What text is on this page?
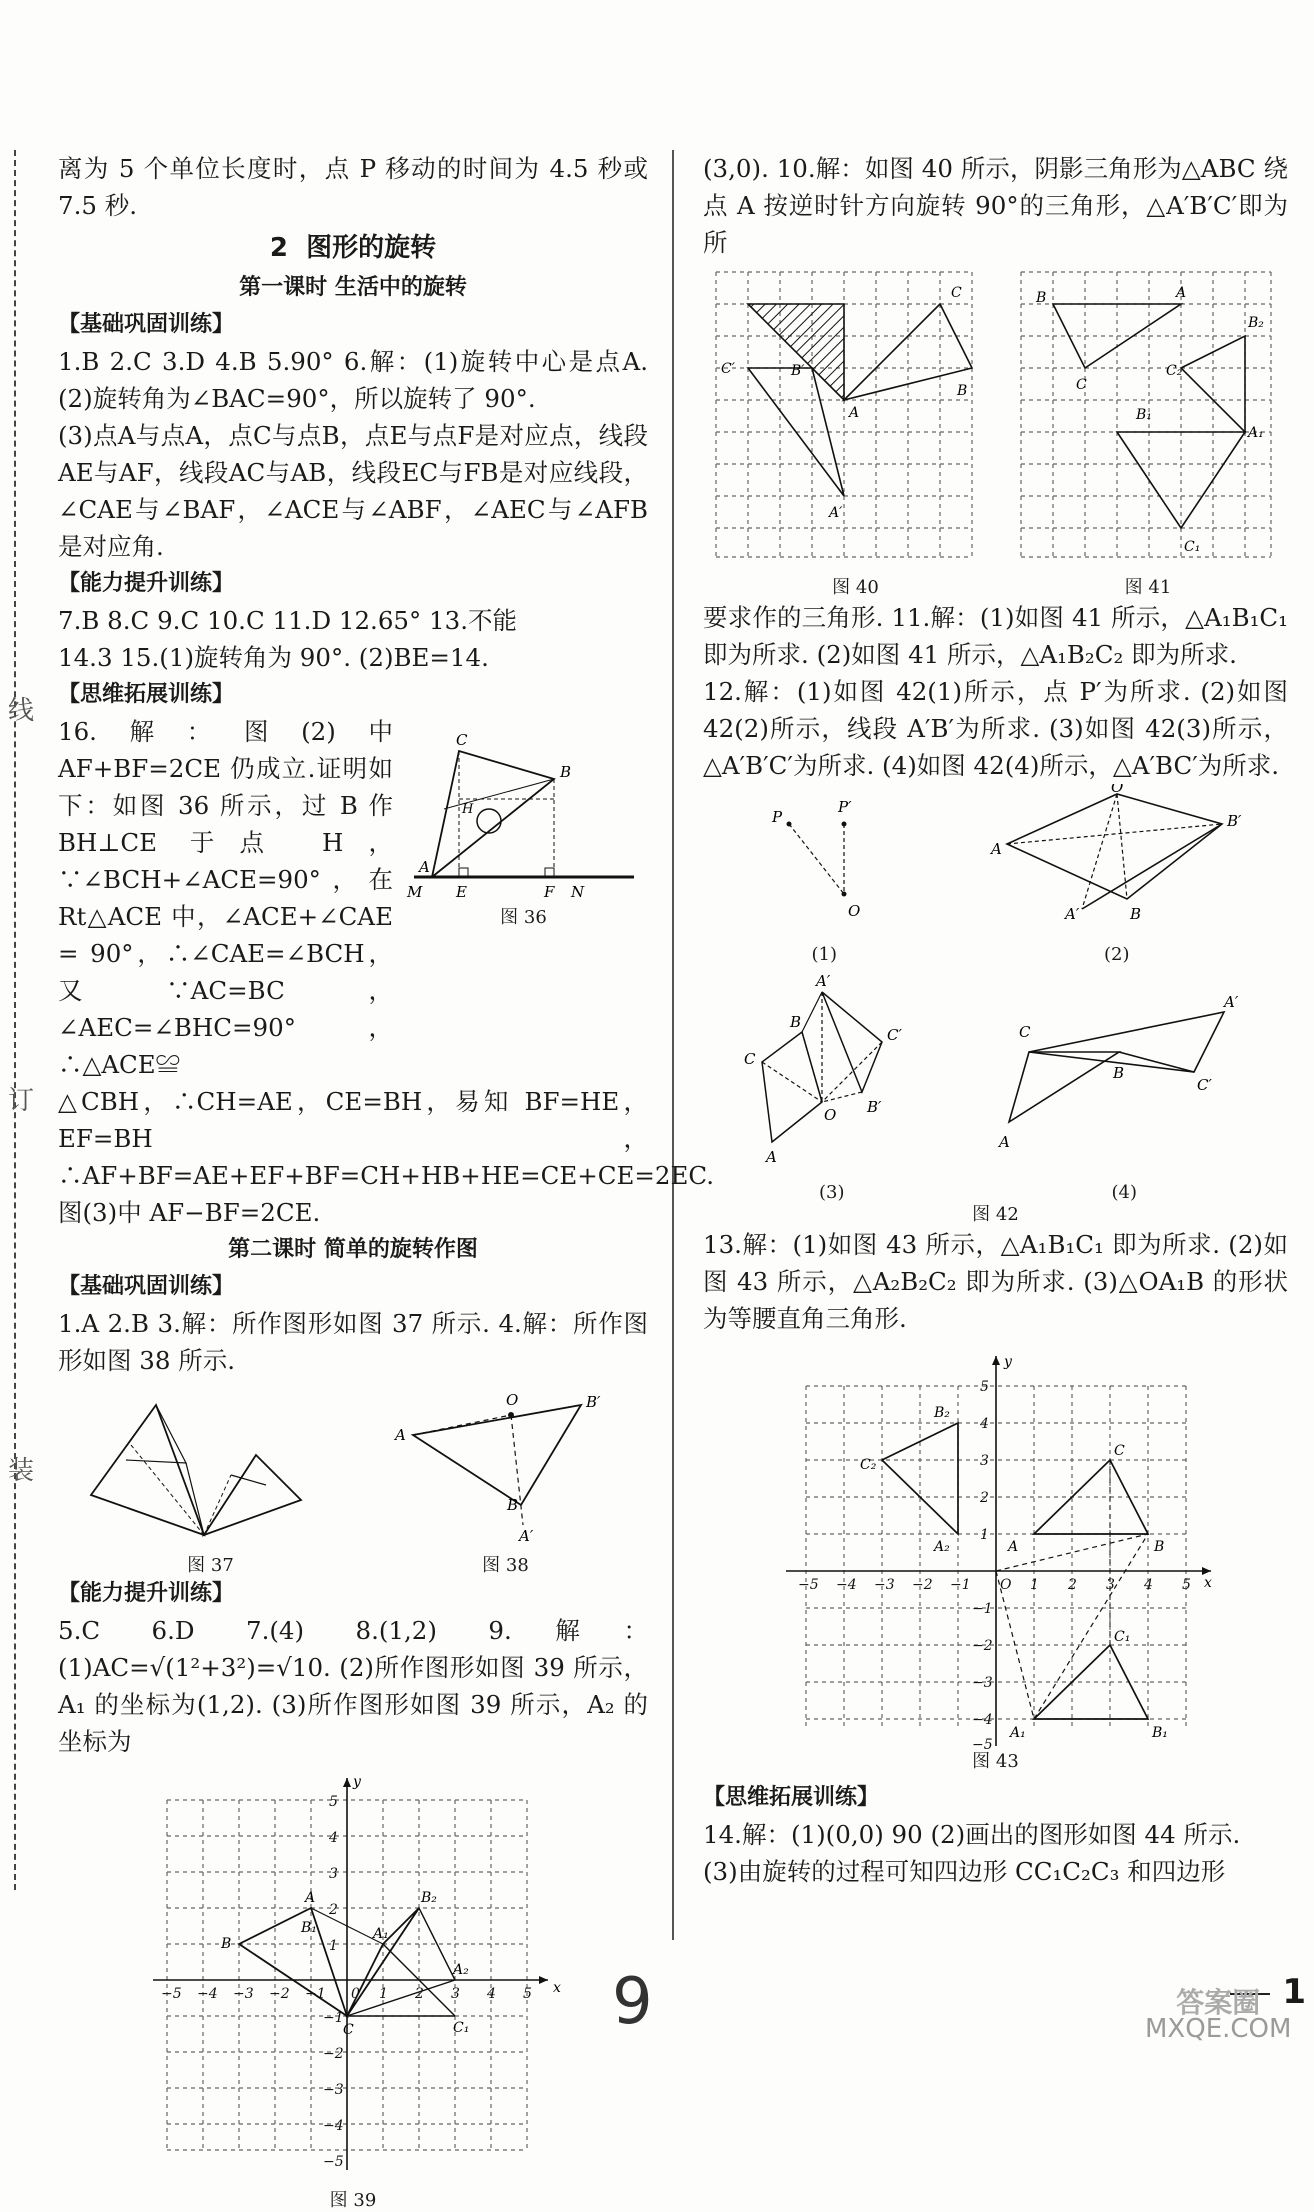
线
订
装

离为 5 个单位长度时，点 P 移动的时间为 4.5 秒或7.5 秒.

2 图形的旋转
第一课时 生活中的旋转
【基础巩固训练】

1.B 2.C 3.D 4.B 5.90° 6.解：(1)旋转中心是点A. (2)旋转角为∠BAC=90°，所以旋转了 90°.

(3)点A与点A，点C与点B，点E与点F是对应点，线段AE与AF，线段AC与AB，线段EC与FB是对应线段，∠CAE与∠BAF，∠ACE与∠ABF，∠AEC与∠AFB是对应角.

【能力提升训练】

7.B 8.C 9.C 10.C 11.D 12.65° 13.不能

14.3 15.(1)旋转角为 90°. (2)BE=14.

【思维拓展训练】

16.解：图(2)中 AF+BF=2CE 仍成立.证明如下：如图 36 所示，过 B 作 BH⊥CE 于点 H，∵∠BCH+∠ACE=90°，在 Rt△ACE 中，∠ACE+∠CAE = 90°，∴∠CAE=∠BCH，又∵AC=BC，∠AEC=∠BHC=90°，∴△ACE≌

C
B
A
H
M E	F N
图 36

△CBH，∴CH=AE，CE=BH，易知 BF=HE，EF=BH，∴AF+BF=AE+EF+BF=CH+HB+HE=CE+CE=2EC.图(3)中 AF−BF=2CE.

第二课时 简单的旋转作图
【基础巩固训练】

1.A 2.B 3.解：所作图形如图 37 所示. 4.解：所作图形如图 38 所示.

图 37
O	B′
A
B
A′
图 38
【能力提升训练】

5.C 6.D 7.(4) 8.(1,2) 9.解：(1)AC=√(1²+3²)=√10. (2)所作图形如图 39 所示，A₁ 的坐标为(1,2). (3)所作图形如图 39 所示，A₂ 的坐标为

x
y
−5 −4 −3 −2 −1 0 1 2 3 4 5
5
4
3
2
1
−1
−2
−3
−4
−5
A
B
C
A₁
B₁
C₁
A₂
B₂
图 39

(3,0). 10.解：如图 40 所示，阴影三角形为△ABC 绕点 A 按逆时针方向旋转 90°的三角形，△A′B′C′即为所

C
B
A
C′	B′
A′
图 40
B	A
C
B₂
C₂
A₁
B₁
C₁
图 41

要求作的三角形. 11.解：(1)如图 41 所示，△A₁B₁C₁ 即为所求. (2)如图 41 所示，△A₁B₂C₂ 即为所求.

12.解：(1)如图 42(1)所示，点 P′为所求. (2)如图 42(2)所示，线段 A′B′为所求. (3)如图 42(3)所示，△A′B′C′为所求. (4)如图 42(4)所示，△A′BC′为所求.

P
P′
O
(1)
O
B′
A
A′	B
(2)
A′
B
C′
C
O B′
A
(3)
C
A′
B
C′
A
(4)
图 42

13.解：(1)如图 43 所示，△A₁B₁C₁ 即为所求. (2)如图 43 所示，△A₂B₂C₂ 即为所求. (3)△OA₁B 的形状为等腰直角三角形.

x
y
−5 −4 −3 −2 −1 O 1 2 3 4 5
5
4
3
2
1
−1
−2
−3
−4
−5
C
B
A
B₂
C₂
A₂
C₁
B₁
A₁
图 43
【思维拓展训练】

14.解：(1)(0,0) 90 (2)画出的图形如图 44 所示.

(3)由旋转的过程可知四边形 CC₁C₂C₃ 和四边形

9	1
答案圈
MXQE.COM
